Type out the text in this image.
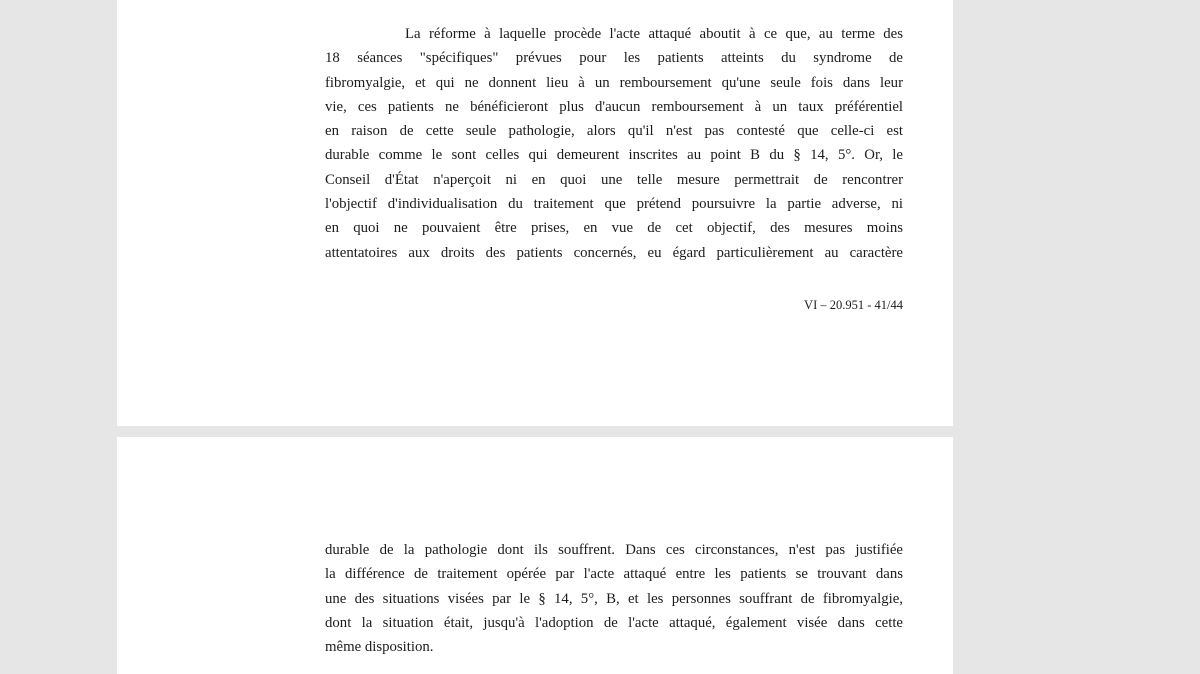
La réforme à laquelle procède l'acte attaqué aboutit à ce que, au terme des
18 séances "spécifiques" prévues pour les patients atteints du syndrome de
fibromyalgie, et qui ne donnent lieu à un remboursement qu'une seule fois dans leur
vie, ces patients ne bénéficieront plus d'aucun remboursement à un taux préférentiel
en raison de cette seule pathologie, alors qu'il n'est pas contesté que celle-ci est
durable comme le sont celles qui demeurent inscrites au point B du § 14, 5°. Or, le
Conseil d'État n'aperçoit ni en quoi une telle mesure permettrait de rencontrer
l'objectif d'individualisation du traitement que prétend poursuivre la partie adverse, ni
en quoi ne pouvaient être prises, en vue de cet objectif, des mesures moins
attentatoires aux droits des patients concernés, eu égard particulièrement au caractère
VI – 20.951 - 41/44
durable de la pathologie dont ils souffrent. Dans ces circonstances, n'est pas justifiée
la différence de traitement opérée par l'acte attaqué entre les patients se trouvant dans
une des situations visées par le § 14, 5°, B, et les personnes souffrant de fibromyalgie,
dont la situation était, jusqu'à l'adoption de l'acte attaqué, également visée dans cette
même disposition.
